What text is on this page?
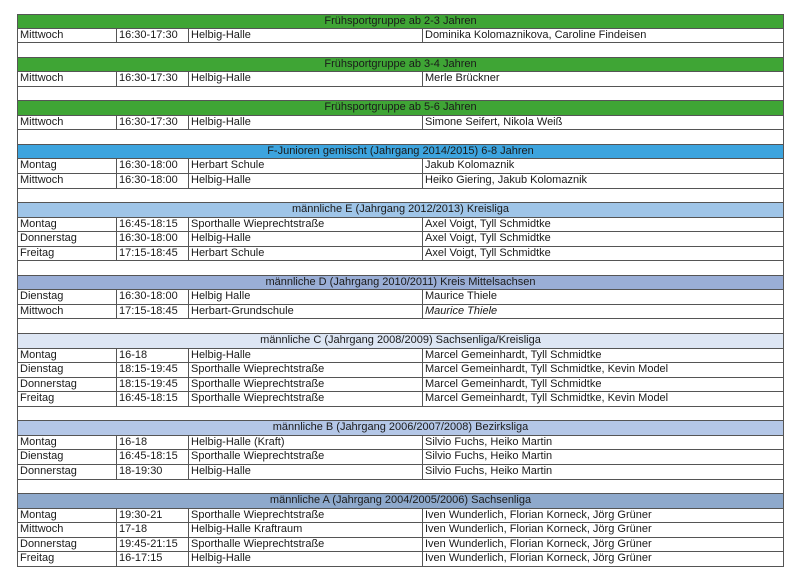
Frühsportgruppe ab 2-3 Jahren
Mittwoch	16:30-17:30	Helbig-Halle	Dominika Kolomaznikova, Caroline Findeisen
Frühsportgruppe ab 3-4 Jahren
Mittwoch	16:30-17:30	Helbig-Halle	Merle Brückner
Frühsportgruppe ab 5-6 Jahren
Mittwoch	16:30-17:30	Helbig-Halle	Simone Seifert, Nikola Weiß
F-Junioren gemischt (Jahrgang 2014/2015) 6-8 Jahren
Montag	16:30-18:00	Herbart Schule	Jakub Kolomaznik
Mittwoch	16:30-18:00	Helbig-Halle	Heiko Giering, Jakub Kolomaznik
männliche E (Jahrgang 2012/2013) Kreisliga
Montag	16:45-18:15	Sporthalle Wieprechtstraße	Axel Voigt, Tyll Schmidtke
Donnerstag	16:30-18:00	Helbig-Halle	Axel Voigt, Tyll Schmidtke
Freitag	17:15-18:45	Herbart Schule	Axel Voigt, Tyll Schmidtke
männliche D (Jahrgang 2010/2011) Kreis Mittelsachsen
Dienstag	16:30-18:00	Helbig Halle	Maurice Thiele
Mittwoch	17:15-18:45	Herbart-Grundschule	Maurice Thiele
männliche C (Jahrgang 2008/2009) Sachsenliga/Kreisliga
Montag	16-18	Helbig-Halle	Marcel Gemeinhardt, Tyll Schmidtke
Dienstag	18:15-19:45	Sporthalle Wieprechtstraße	Marcel Gemeinhardt, Tyll Schmidtke, Kevin Model
Donnerstag	18:15-19:45	Sporthalle Wieprechtstraße	Marcel Gemeinhardt, Tyll Schmidtke
Freitag	16:45-18:15	Sporthalle Wieprechtstraße	Marcel Gemeinhardt, Tyll Schmidtke, Kevin Model
männliche B (Jahrgang 2006/2007/2008) Bezirksliga
Montag	16-18	Helbig-Halle (Kraft)	Silvio Fuchs, Heiko Martin
Dienstag	16:45-18:15	Sporthalle Wieprechtstraße	Silvio Fuchs, Heiko Martin
Donnerstag	18-19:30	Helbig-Halle	Silvio Fuchs, Heiko Martin
männliche A (Jahrgang 2004/2005/2006) Sachsenliga
Montag	19:30-21	Sporthalle Wieprechtstraße	Iven Wunderlich, Florian Korneck, Jörg Grüner
Mittwoch	17-18	Helbig-Halle Kraftraum	Iven Wunderlich, Florian Korneck, Jörg Grüner
Donnerstag	19:45-21:15	Sporthalle Wieprechtstraße	Iven Wunderlich, Florian Korneck, Jörg Grüner
Freitag	16-17:15	Helbig-Halle	Iven Wunderlich, Florian Korneck, Jörg Grüner
